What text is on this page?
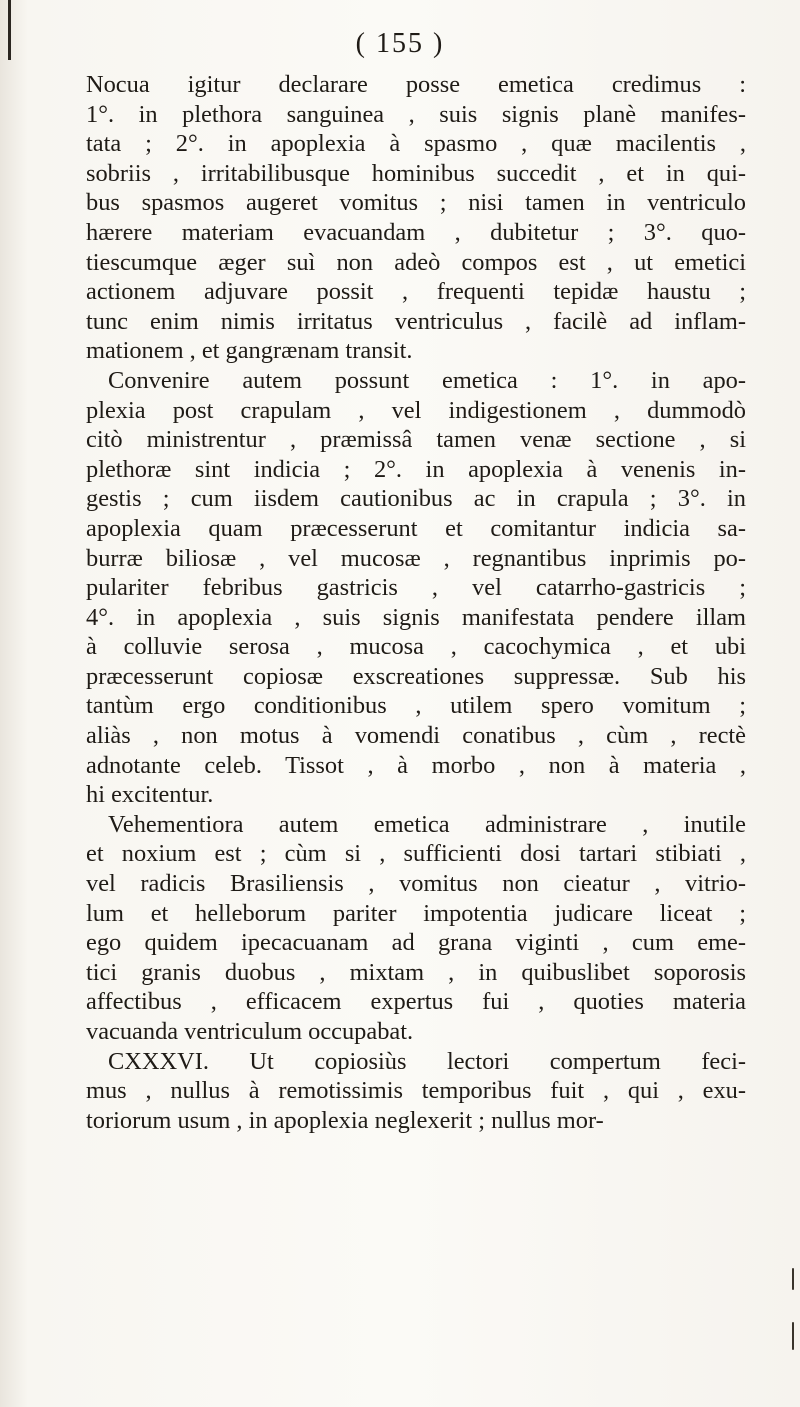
( 155 )
Nocua igitur declarare posse emetica credimus :
1°. in plethora sanguinea , suis signis planè manifes-
tata ; 2°. in apoplexia à spasmo , quæ macilentis ,
sobriis , irritabilibusque hominibus succedit , et in qui-
bus spasmos augeret vomitus ; nisi tamen in ventriculo
hærere materiam evacuandam , dubitetur ; 3°. quo-
tiescumque æger suì non adeò compos est , ut emetici
actionem adjuvare possit , frequenti tepidæ haustu ;
tunc enim nimis irritatus ventriculus , facilè ad inflam-
mationem , et gangrænam transit.
Convenire autem possunt emetica : 1°. in apo-
plexia post crapulam , vel indigestionem , dummodò
citò ministrentur , præmissâ tamen venæ sectione , si
plethoræ sint indicia ; 2°. in apoplexia à venenis in-
gestis ; cum iisdem cautionibus ac in crapula ; 3°. in
apoplexia quam præcesserunt et comitantur indicia sa-
burræ biliosæ , vel mucosæ , regnantibus inprimis po-
pulariter febribus gastricis , vel catarrho-gastricis ;
4°. in apoplexia , suis signis manifestata pendere illam
à colluvie serosa , mucosa , cacochymica , et ubi
præcesserunt copiosæ exscreationes suppressæ. Sub his
tantùm ergo conditionibus , utilem spero vomitum ;
aliàs , non motus à vomendi conatibus , cùm , rectè
adnotante celeb. Tissot , à morbo , non à materia ,
hi excitentur.
Vehementiora autem emetica administrare , inutile
et noxium est ; cùm si , sufficienti dosi tartari stibiati ,
vel radicis Brasiliensis , vomitus non cieatur , vitrio-
lum et helleborum pariter impotentia judicare liceat ;
ego quidem ipecacuanam ad grana viginti , cum eme-
tici granis duobus , mixtam , in quibuslibet soporosis
affectibus , efficacem expertus fui , quoties materia
vacuanda ventriculum occupabat.
CXXXVI. Ut copiosiùs lectori compertum feci-
mus , nullus à remotissimis temporibus fuit , qui , exu-
toriorum usum , in apoplexia neglexerit ; nullus mor-
